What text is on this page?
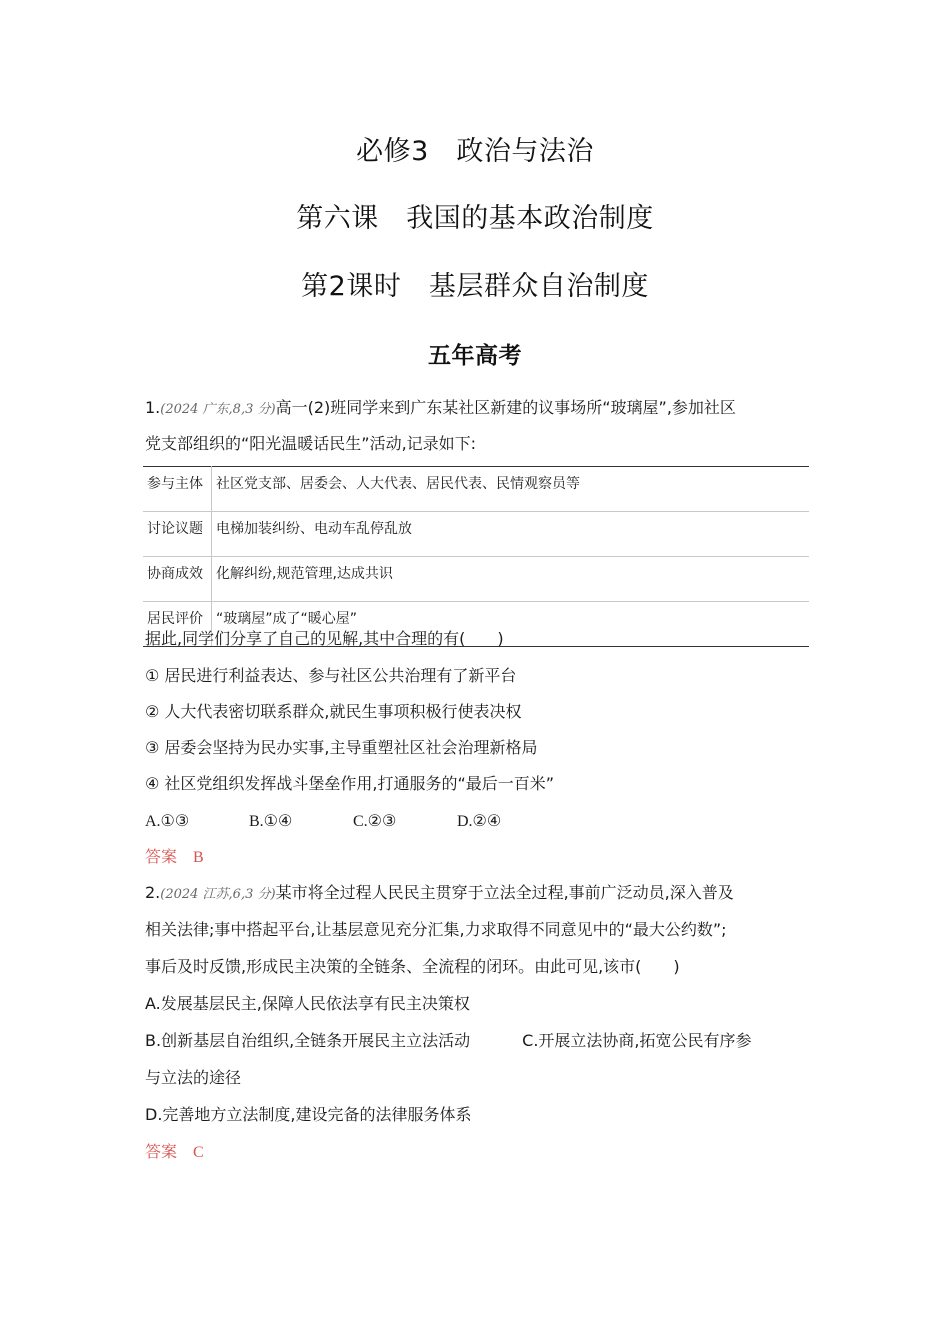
必修3　政治与法治
第六课　我国的基本政治制度
第2课时　基层群众自治制度
五年高考
1.(2024 广东,8,3 分)高一(2)班同学来到广东某社区新建的议事场所“玻璃屋”,参加社区
党支部组织的“阳光温暖话民生”活动,记录如下:
参与主体	社区党支部、居委会、人大代表、居民代表、民情观察员等
讨论议题	电梯加装纠纷、电动车乱停乱放
协商成效	化解纠纷,规范管理,达成共识
居民评价	“玻璃屋”成了“暖心屋”
据此,同学们分享了自己的见解,其中合理的有(　　)
① 居民进行利益表达、参与社区公共治理有了新平台
② 人大代表密切联系群众,就民生事项积极行使表决权
③ 居委会坚持为民办实事,主导重塑社区社会治理新格局
④ 社区党组织发挥战斗堡垒作用,打通服务的“最后一百米”
A.①③	B.①④	C.②③	D.②④
答案 B
2.(2024 江苏,6,3 分)某市将全过程人民民主贯穿于立法全过程,事前广泛动员,深入普及
相关法律;事中搭起平台,让基层意见充分汇集,力求取得不同意见中的“最大公约数”;
事后及时反馈,形成民主决策的全链条、全流程的闭环。由此可见,该市(　　)
A.发展基层民主,保障人民依法享有民主决策权
B.创新基层自治组织,全链条开展民主立法活动	C.开展立法协商,拓宽公民有序参
与立法的途径
D.完善地方立法制度,建设完备的法律服务体系
答案 C
